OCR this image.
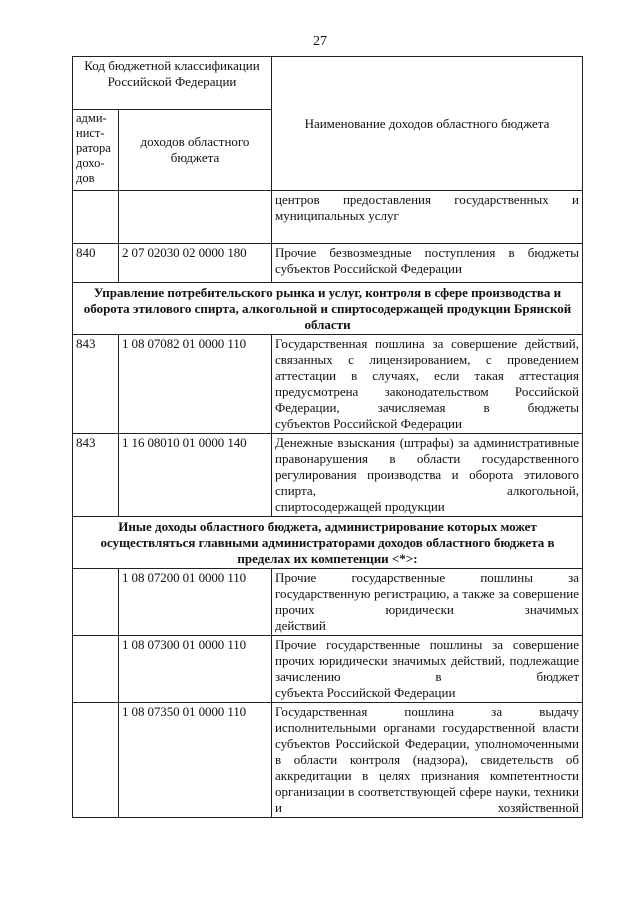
27
Код бюджетной классификации Российской Федерации		Наименование доходов областного бюджета
адми-нист-ратора дохо-дов	доходов областного бюджета	
		центров предоставления государственных и
муниципальных услуг

840	2 07 02030 02 0000 180	Прочие безвозмездные поступления в бюджеты
субъектов Российской Федерации

Управление потребительского рынка и услуг, контроля в сфере производства и оборота этилового спирта, алкогольной и спиртосодержащей продукции Брянской области		
843	1 08 07082 01 0000 110	Государственная пошлина за совершение действий, связанных с лицензированием, с проведением аттестации в случаях, если такая аттестация предусмотрена законодательством Российской Федерации, зачисляемая в бюджеты
субъектов Российской Федерации

843	1 16 08010 01 0000 140	Денежные взыскания (штрафы) за административные правонарушения в области государственного регулирования производства и оборота этилового спирта, алкогольной,
спиртосодержащей продукции

Иные доходы областного бюджета, администрирование которых может осуществляться главными администраторами доходов областного бюджета в пределах их компетенции <*>:		
	1 08 07200 01 0000 110	Прочие государственные пошлины за государственную регистрацию, а также за совершение прочих юридически значимых
действий

	1 08 07300 01 0000 110	Прочие государственные пошлины за совершение прочих юридически значимых действий, подлежащие зачислению в бюджет
субъекта Российской Федерации

	1 08 07350 01 0000 110	Государственная пошлина за выдачу исполнительными органами государственной власти субъектов Российской Федерации, уполномоченными в области контроля (надзора), свидетельств об аккредитации в целях признания компетентности организации в соответствующей сфере науки, техники и хозяйственной
